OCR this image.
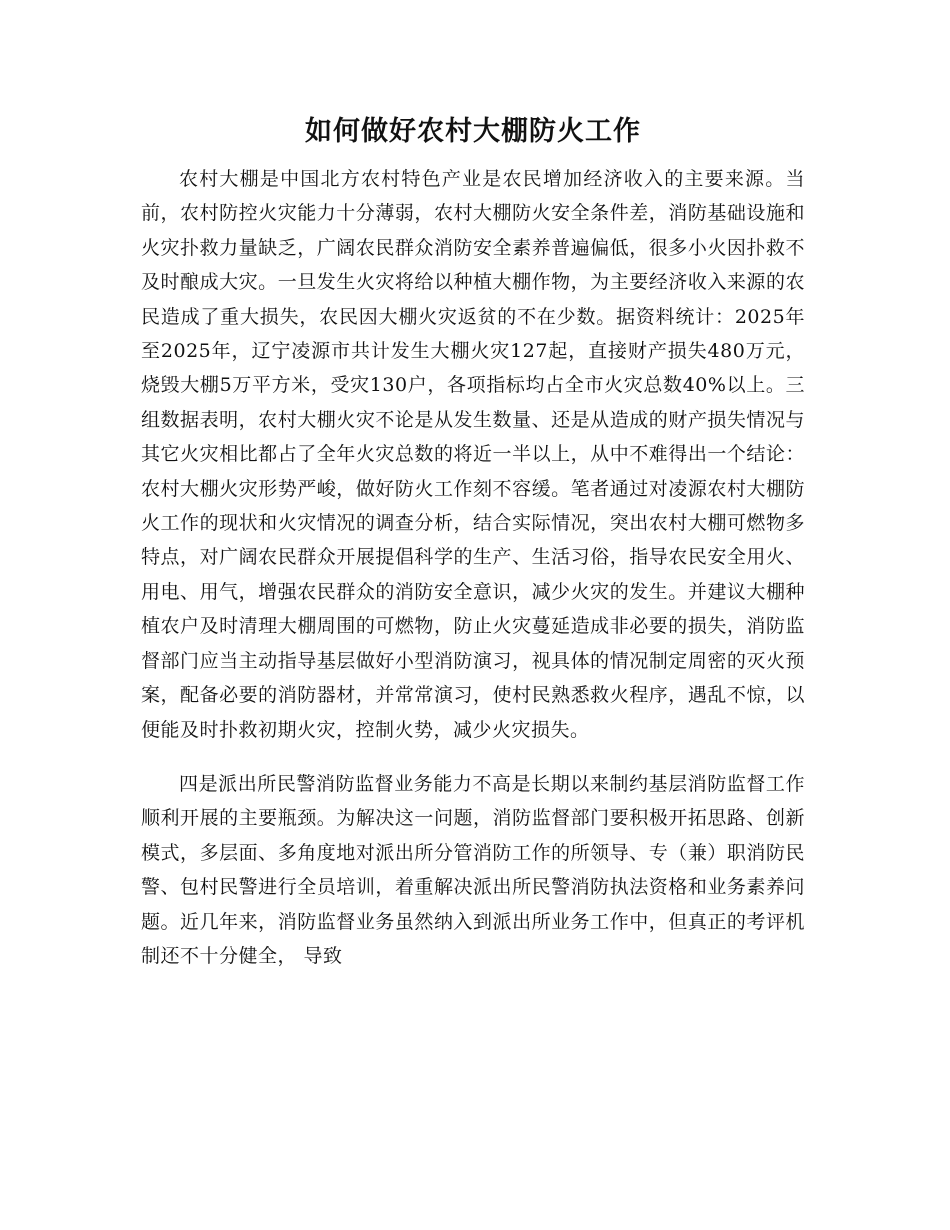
如何做好农村大棚防火工作

农村大棚是中国北方农村特色产业是农民增加经济收入的主要来源。当前，农村防控火灾能力十分薄弱，农村大棚防火安全条件差，消防基础设施和火灾扑救力量缺乏，广阔农民群众消防安全素养普遍偏低，很多小火因扑救不及时酿成大灾。一旦发生火灾将给以种植大棚作物，为主要经济收入来源的农民造成了重大损失，农民因大棚火灾返贫的不在少数。据资料统计：2025年至2025年，辽宁凌源市共计发生大棚火灾127起，直接财产损失480万元，烧毁大棚5万平方米，受灾130户，各项指标均占全市火灾总数40%以上。三组数据表明，农村大棚火灾不论是从发生数量、还是从造成的财产损失情况与其它火灾相比都占了全年火灾总数的将近一半以上，从中不难得出一个结论：农村大棚火灾形势严峻，做好防火工作刻不容缓。笔者通过对凌源农村大棚防火工作的现状和火灾情况的调查分析，结合实际情况，突出农村大棚可燃物多特点，对广阔农民群众开展提倡科学的生产、生活习俗，指导农民安全用火、用电、用气，增强农民群众的消防安全意识，减少火灾的发生。并建议大棚种植农户及时清理大棚周围的可燃物，防止火灾蔓延造成非必要的损失，消防监督部门应当主动指导基层做好小型消防演习，视具体的情况制定周密的灭火预案，配备必要的消防器材，并常常演习，使村民熟悉救火程序，遇乱不惊，以便能及时扑救初期火灾，控制火势，减少火灾损失。

四是派出所民警消防监督业务能力不高是长期以来制约基层消防监督工作顺利开展的主要瓶颈。为解决这一问题，消防监督部门要积极开拓思路、创新模式，多层面、多角度地对派出所分管消防工作的所领导、专（兼）职消防民警、包村民警进行全员培训，着重解决派出所民警消防执法资格和业务素养问题。近几年来，消防监督业务虽然纳入到派出所业务工作中，但真正的考评机制还不十分健全， 导致
